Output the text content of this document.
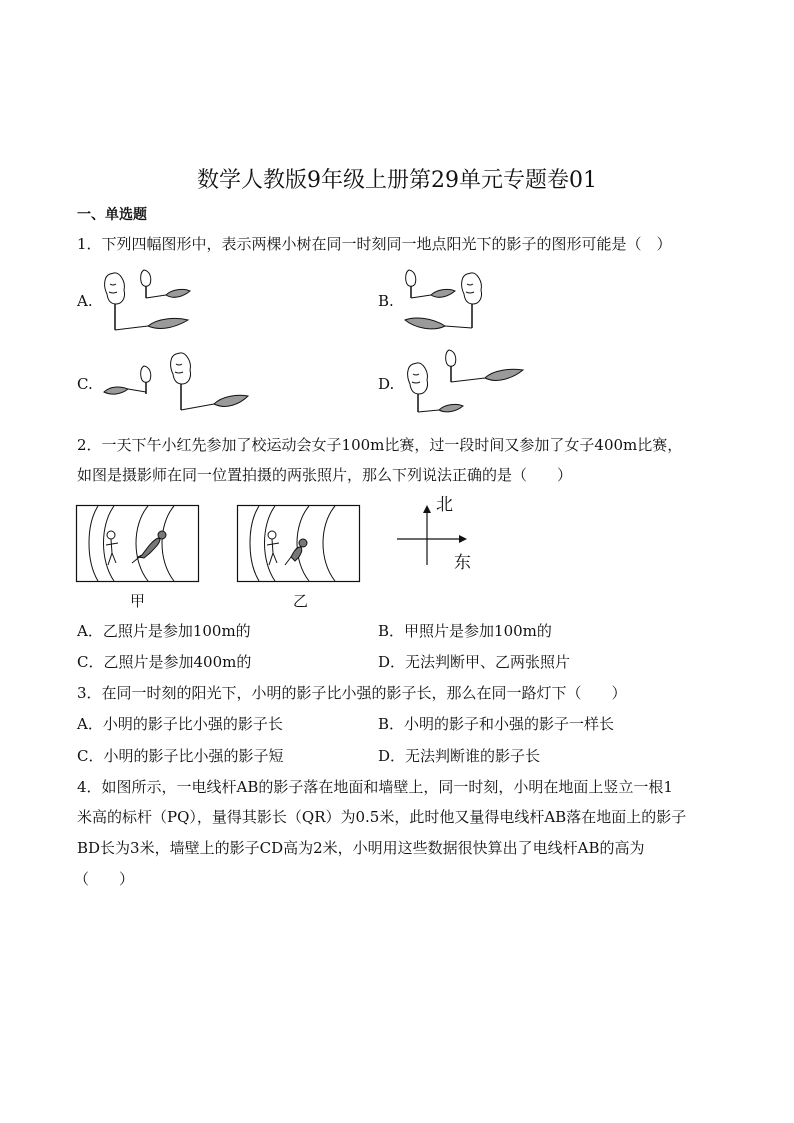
数学人教版9年级上册第29单元专题卷01
一、单选题
1．下列四幅图形中，表示两棵小树在同一时刻同一地点阳光下的影子的图形可能是（　）
A.	B.
C.	D.
2．一天下午小红先参加了校运动会女子100m比赛，过一段时间又参加了女子400m比赛，
如图是摄影师在同一位置拍摄的两张照片，那么下列说法正确的是（　　）
甲	乙
北
东
A．乙照片是参加100m的	B．甲照片是参加100m的
C．乙照片是参加400m的	D．无法判断甲、乙两张照片
3．在同一时刻的阳光下，小明的影子比小强的影子长，那么在同一路灯下（　　）
A．小明的影子比小强的影子长	B．小明的影子和小强的影子一样长
C．小明的影子比小强的影子短	D．无法判断谁的影子长
4．如图所示，一电线杆AB的影子落在地面和墙壁上，同一时刻，小明在地面上竖立一根1
米高的标杆（PQ），量得其影长（QR）为0.5米，此时他又量得电线杆AB落在地面上的影子
BD长为3米，墙壁上的影子CD高为2米，小明用这些数据很快算出了电线杆AB的高为
（　　）
